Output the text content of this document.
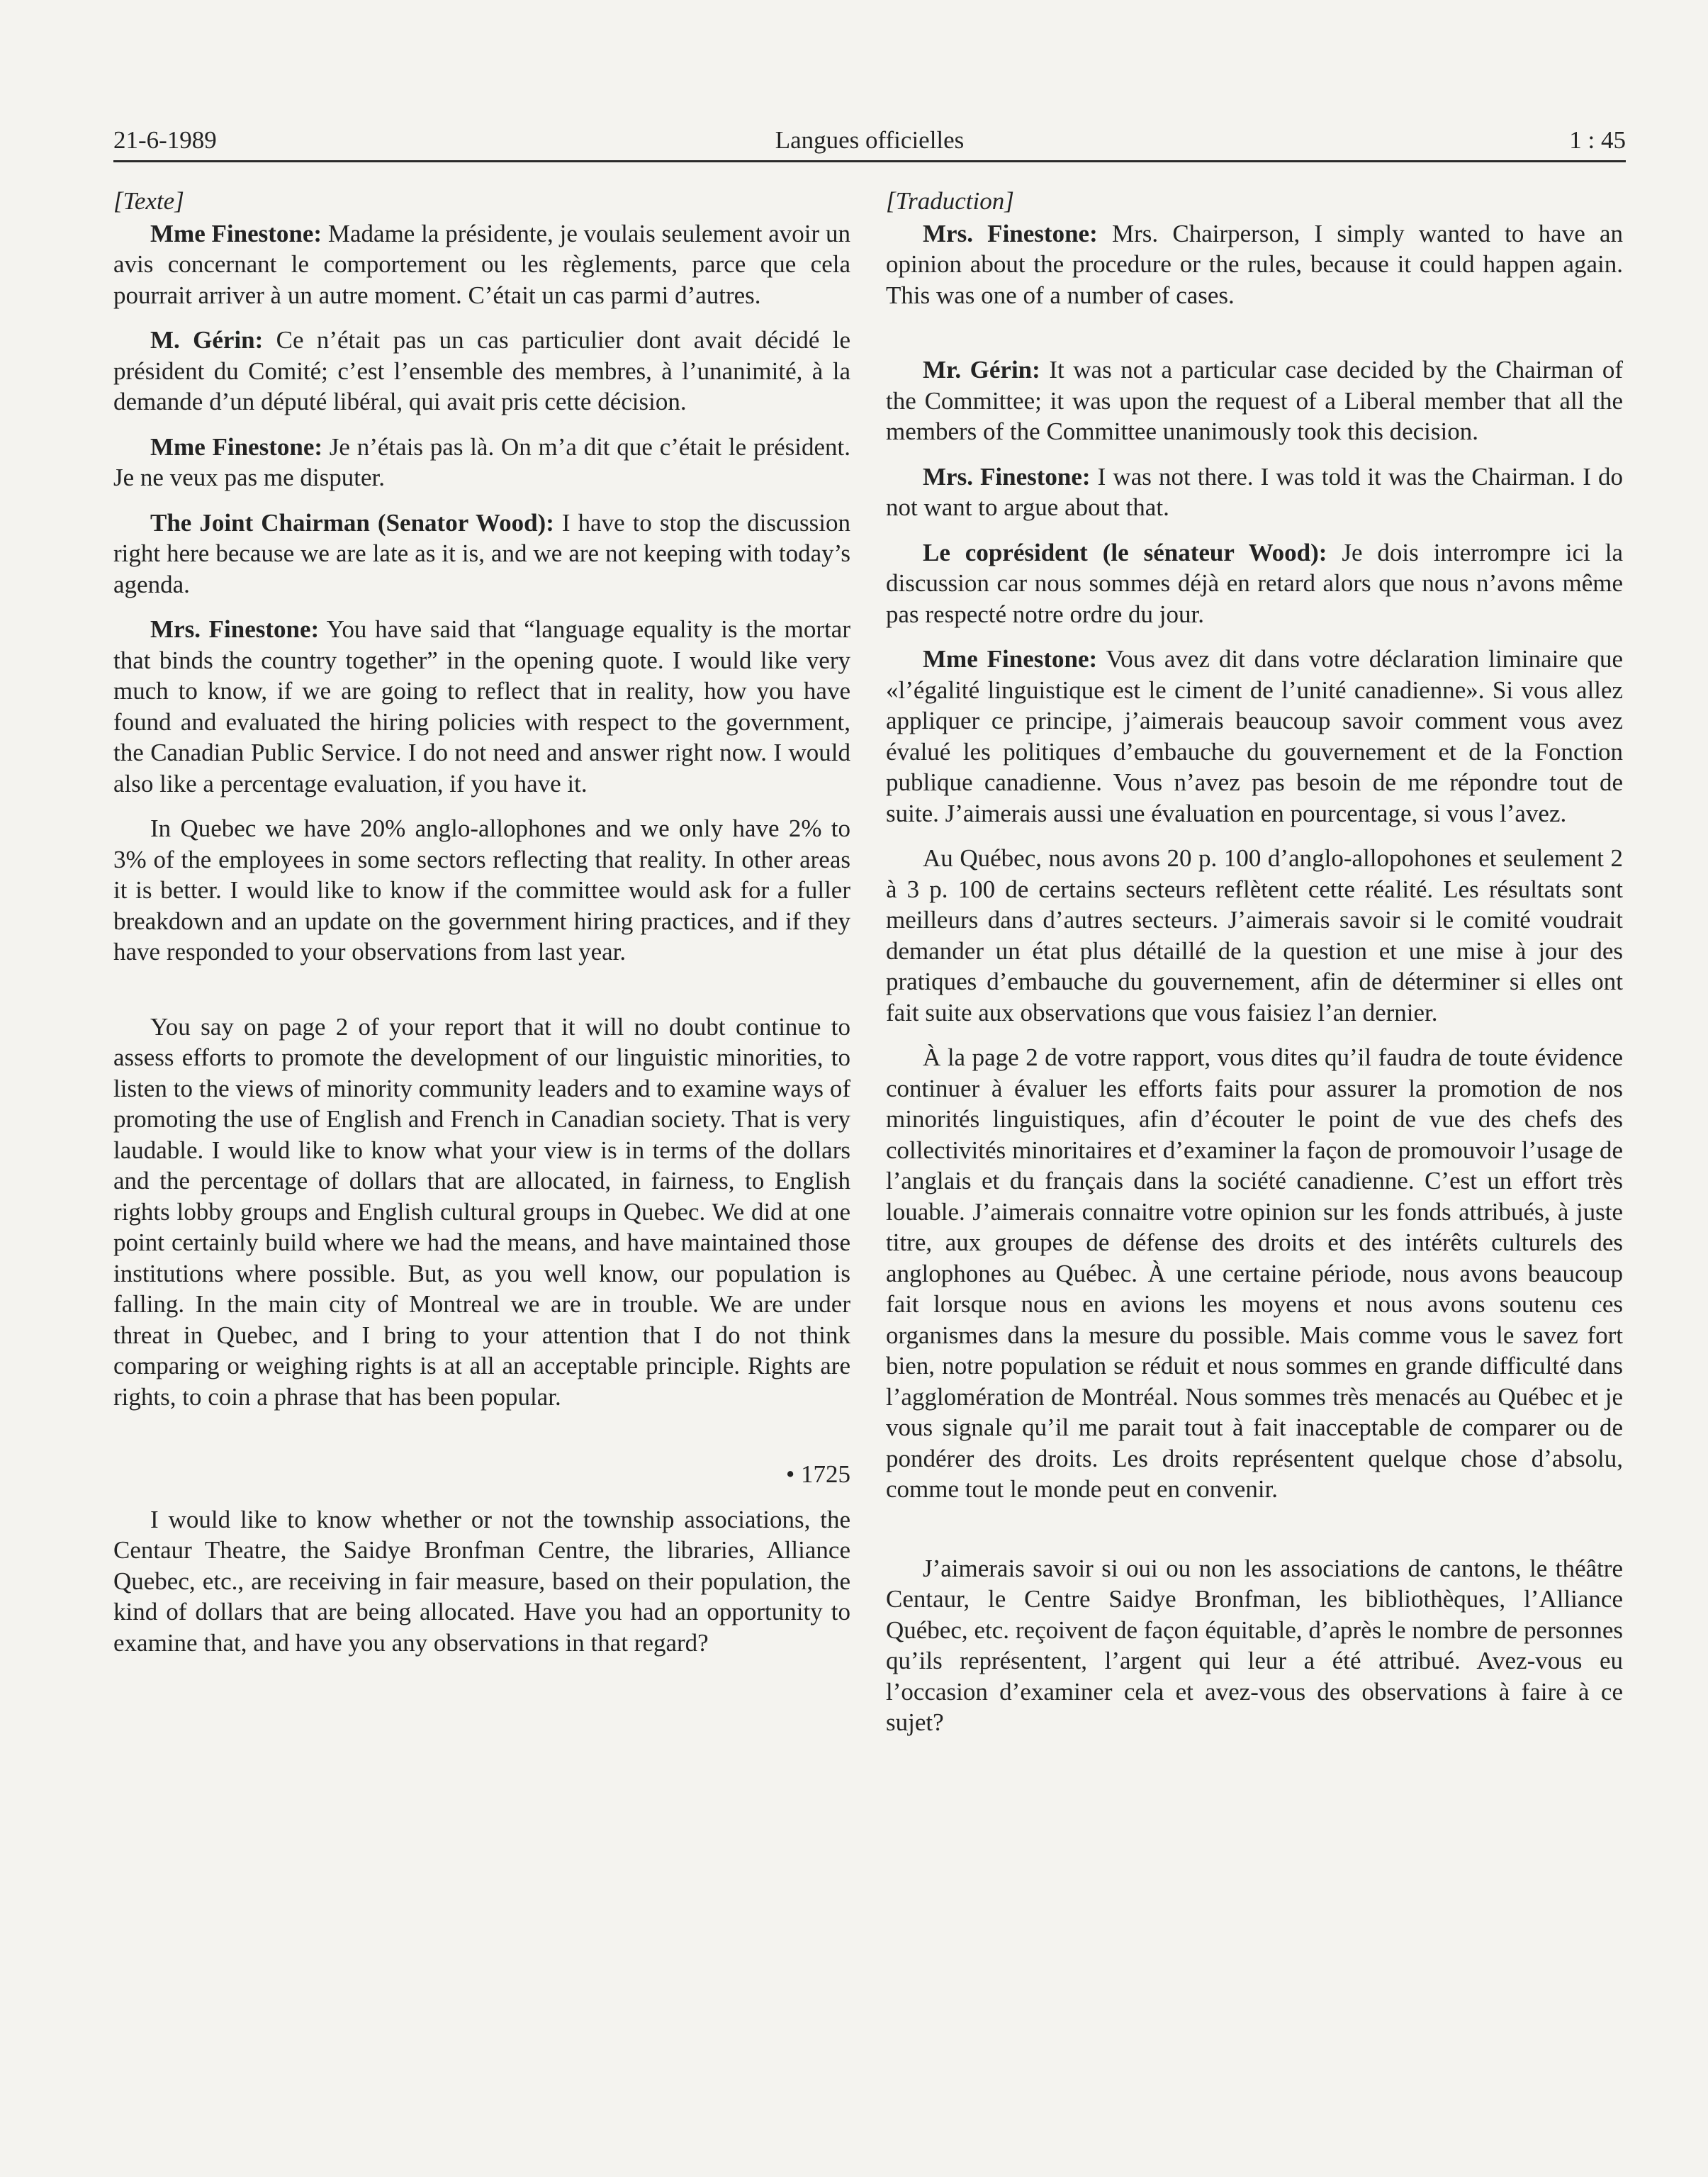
21-6-1989	Langues officielles	1 : 45

[Texte]

Mme Finestone: Madame la présidente, je voulais seulement avoir un avis concernant le comportement ou les règlements, parce que cela pourrait arriver à un autre moment. C’était un cas parmi d’autres.

M. Gérin: Ce n’était pas un cas particulier dont avait décidé le président du Comité; c’est l’ensemble des membres, à l’unanimité, à la demande d’un député libéral, qui avait pris cette décision.

Mme Finestone: Je n’étais pas là. On m’a dit que c’était le président. Je ne veux pas me disputer.

The Joint Chairman (Senator Wood): I have to stop the discussion right here because we are late as it is, and we are not keeping with today’s agenda.

Mrs. Finestone: You have said that “language equality is the mortar that binds the country together” in the opening quote. I would like very much to know, if we are going to reflect that in reality, how you have found and evaluated the hiring policies with respect to the government, the Canadian Public Service. I do not need and answer right now. I would also like a percentage evaluation, if you have it.

In Quebec we have 20% anglo-allophones and we only have 2% to 3% of the employees in some sectors reflecting that reality. In other areas it is better. I would like to know if the committee would ask for a fuller breakdown and an update on the government hiring practices, and if they have responded to your observations from last year.

You say on page 2 of your report that it will no doubt continue to assess efforts to promote the development of our linguistic minorities, to listen to the views of minority community leaders and to examine ways of promoting the use of English and French in Canadian society. That is very laudable. I would like to know what your view is in terms of the dollars and the percentage of dollars that are allocated, in fairness, to English rights lobby groups and English cultural groups in Quebec. We did at one point certainly build where we had the means, and have maintained those institutions where possible. But, as you well know, our population is falling. In the main city of Montreal we are in trouble. We are under threat in Quebec, and I bring to your attention that I do not think comparing or weighing rights is at all an acceptable principle. Rights are rights, to coin a phrase that has been popular.

• 1725

I would like to know whether or not the township associations, the Centaur Theatre, the Saidye Bronfman Centre, the libraries, Alliance Quebec, etc., are receiving in fair measure, based on their population, the kind of dollars that are being allocated. Have you had an opportunity to examine that, and have you any observations in that regard?

[Traduction]

Mrs. Finestone: Mrs. Chairperson, I simply wanted to have an opinion about the procedure or the rules, because it could happen again. This was one of a number of cases.

Mr. Gérin: It was not a particular case decided by the Chairman of the Committee; it was upon the request of a Liberal member that all the members of the Committee unanimously took this decision.

Mrs. Finestone: I was not there. I was told it was the Chairman. I do not want to argue about that.

Le coprésident (le sénateur Wood): Je dois interrompre ici la discussion car nous sommes déjà en retard alors que nous n’avons même pas respecté notre ordre du jour.

Mme Finestone: Vous avez dit dans votre déclaration liminaire que «l’égalité linguistique est le ciment de l’unité canadienne». Si vous allez appliquer ce principe, j’aimerais beaucoup savoir comment vous avez évalué les politiques d’embauche du gouvernement et de la Fonction publique canadienne. Vous n’avez pas besoin de me répondre tout de suite. J’aimerais aussi une évaluation en pourcentage, si vous l’avez.

Au Québec, nous avons 20 p. 100 d’anglo-allopohones et seulement 2 à 3 p. 100 de certains secteurs reflètent cette réalité. Les résultats sont meilleurs dans d’autres secteurs. J’aimerais savoir si le comité voudrait demander un état plus détaillé de la question et une mise à jour des pratiques d’embauche du gouvernement, afin de déterminer si elles ont fait suite aux observations que vous faisiez l’an dernier.

À la page 2 de votre rapport, vous dites qu’il faudra de toute évidence continuer à évaluer les efforts faits pour assurer la promotion de nos minorités linguistiques, afin d’écouter le point de vue des chefs des collectivités minoritaires et d’examiner la façon de promouvoir l’usage de l’anglais et du français dans la société canadienne. C’est un effort très louable. J’aimerais connaitre votre opinion sur les fonds attribués, à juste titre, aux groupes de défense des droits et des intérêts culturels des anglophones au Québec. À une certaine période, nous avons beaucoup fait lorsque nous en avions les moyens et nous avons soutenu ces organismes dans la mesure du possible. Mais comme vous le savez fort bien, notre population se réduit et nous sommes en grande difficulté dans l’agglomération de Montréal. Nous sommes très menacés au Québec et je vous signale qu’il me parait tout à fait inacceptable de comparer ou de pondérer des droits. Les droits représentent quelque chose d’absolu, comme tout le monde peut en convenir.

J’aimerais savoir si oui ou non les associations de cantons, le théâtre Centaur, le Centre Saidye Bronfman, les bibliothèques, l’Alliance Québec, etc. reçoivent de façon équitable, d’après le nombre de personnes qu’ils représentent, l’argent qui leur a été attribué. Avez-vous eu l’occasion d’examiner cela et avez-vous des observations à faire à ce sujet?
